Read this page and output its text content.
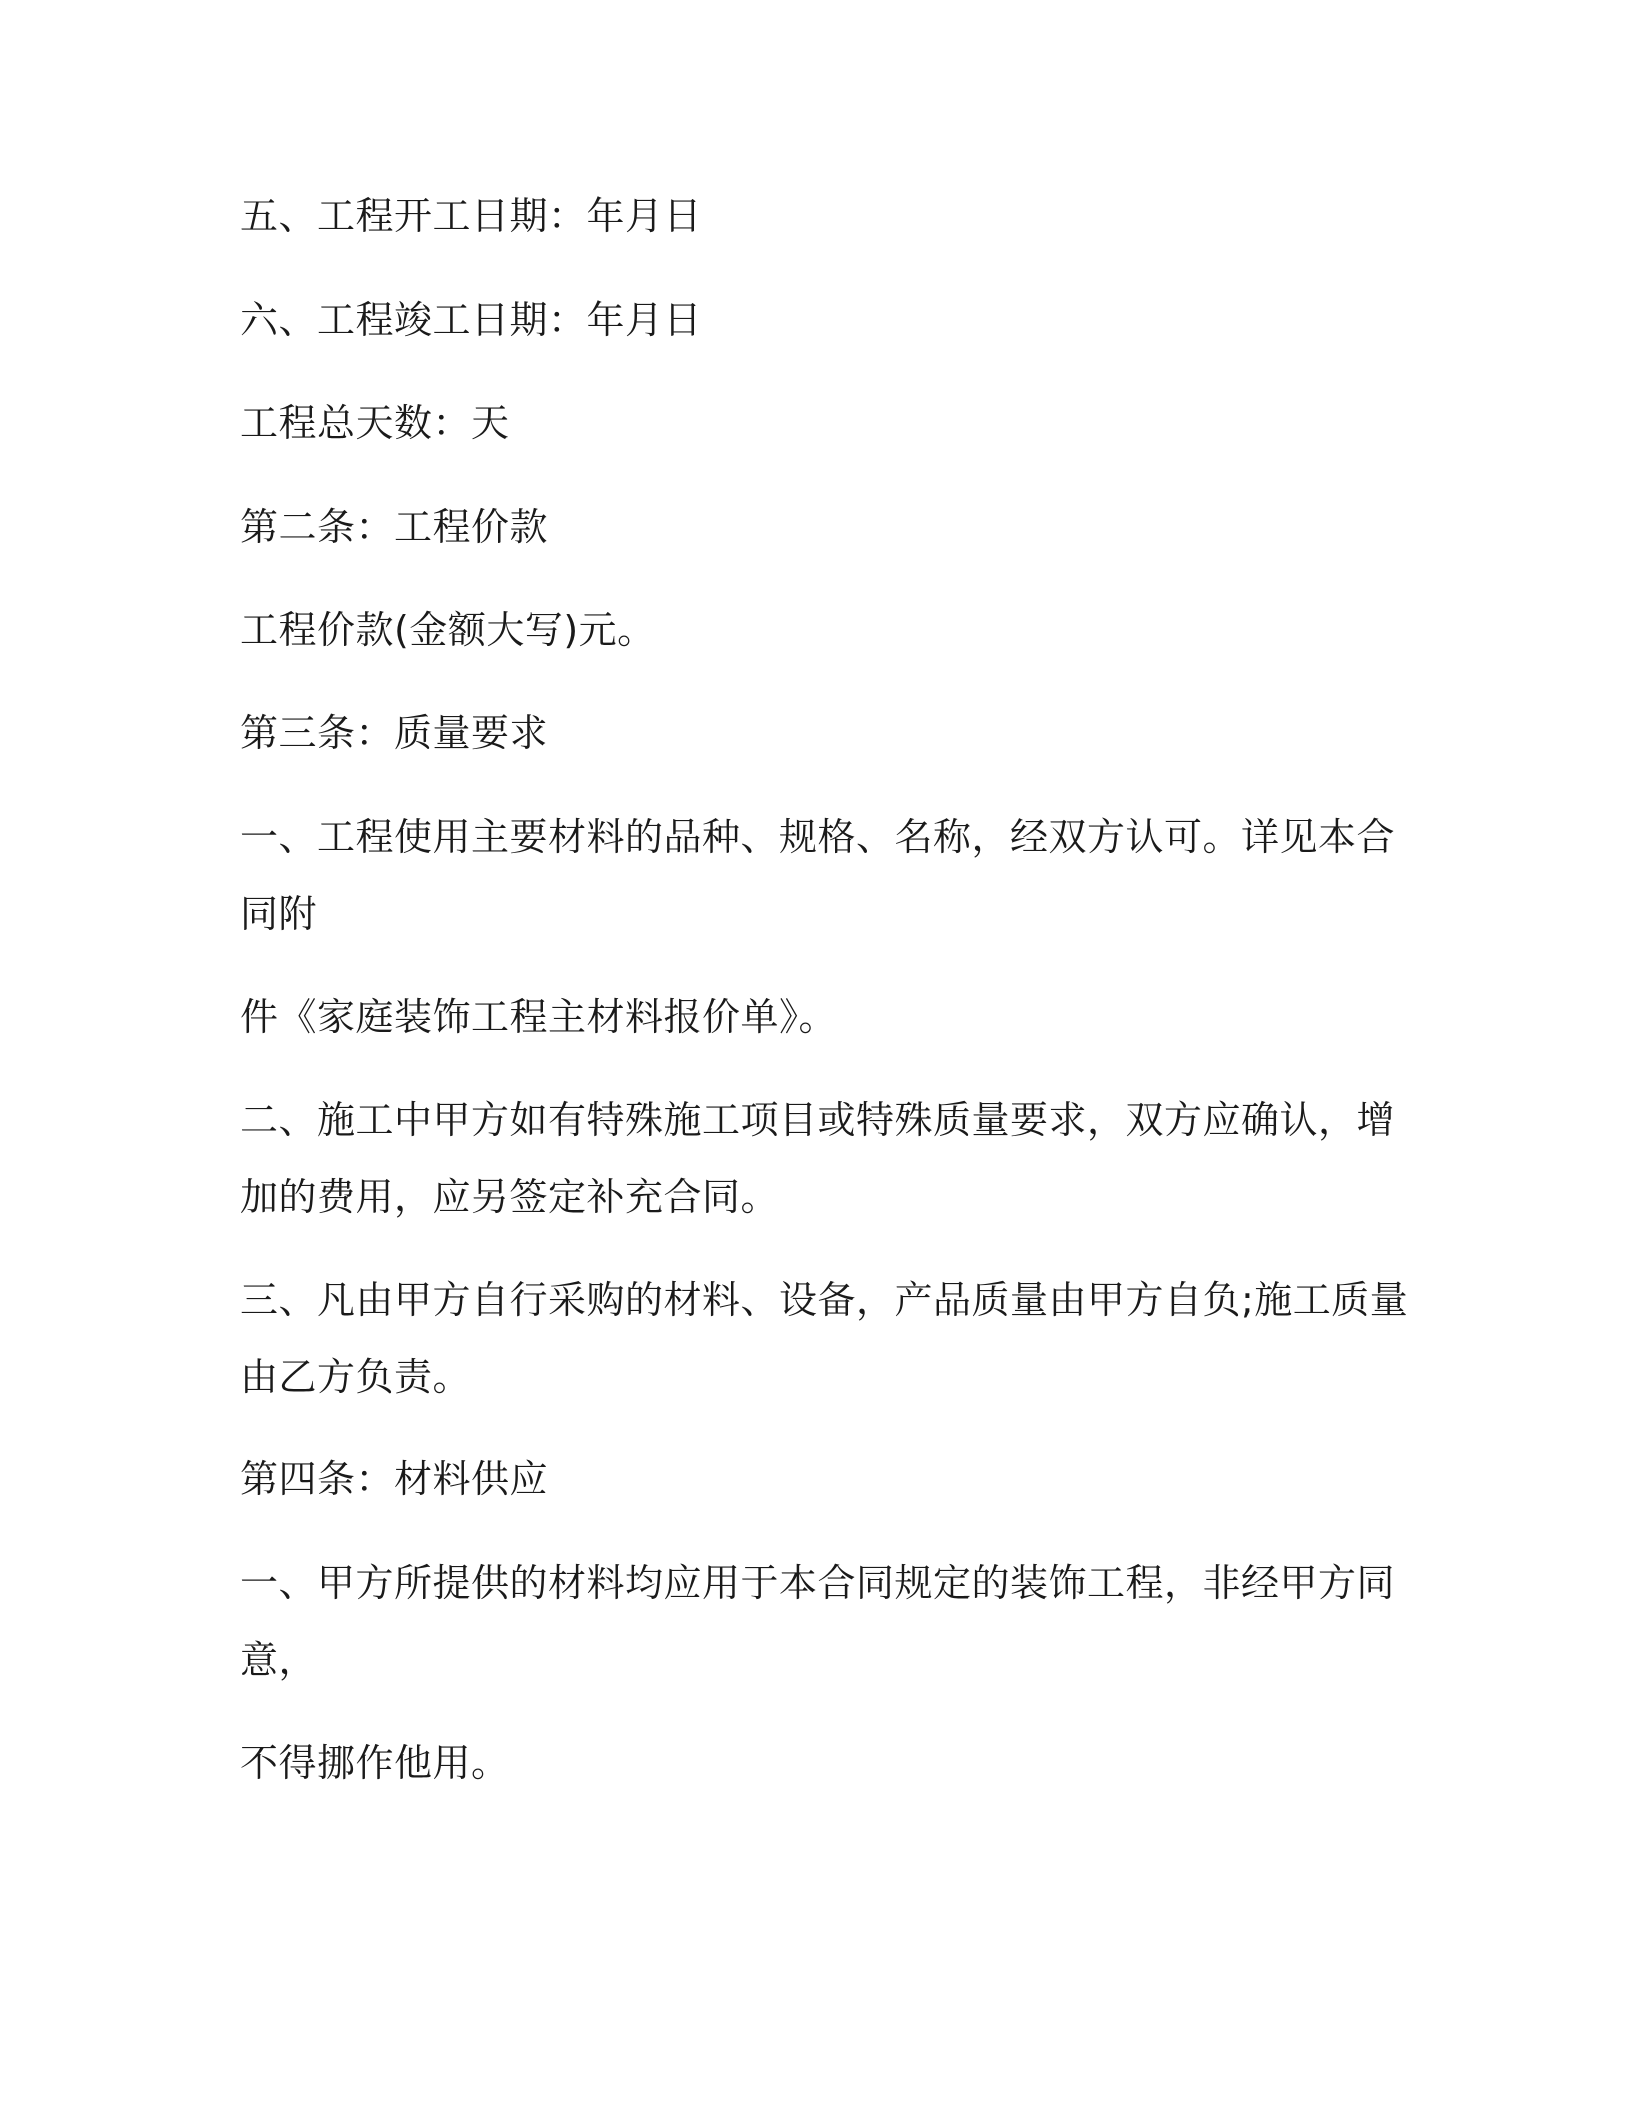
五、工程开工日期：年月日

六、工程竣工日期：年月日

工程总天数：天

第二条：工程价款

工程价款(金额大写)元。

第三条：质量要求

一、工程使用主要材料的品种、规格、名称，经双方认可。详见本合
同附

件《家庭装饰工程主材料报价单》。

二、施工中甲方如有特殊施工项目或特殊质量要求，双方应确认，增
加的费用，应另签定补充合同。

三、凡由甲方自行采购的材料、设备，产品质量由甲方自负;施工质量
由乙方负责。

第四条：材料供应

一、甲方所提供的材料均应用于本合同规定的装饰工程，非经甲方同
意，

不得挪作他用。
